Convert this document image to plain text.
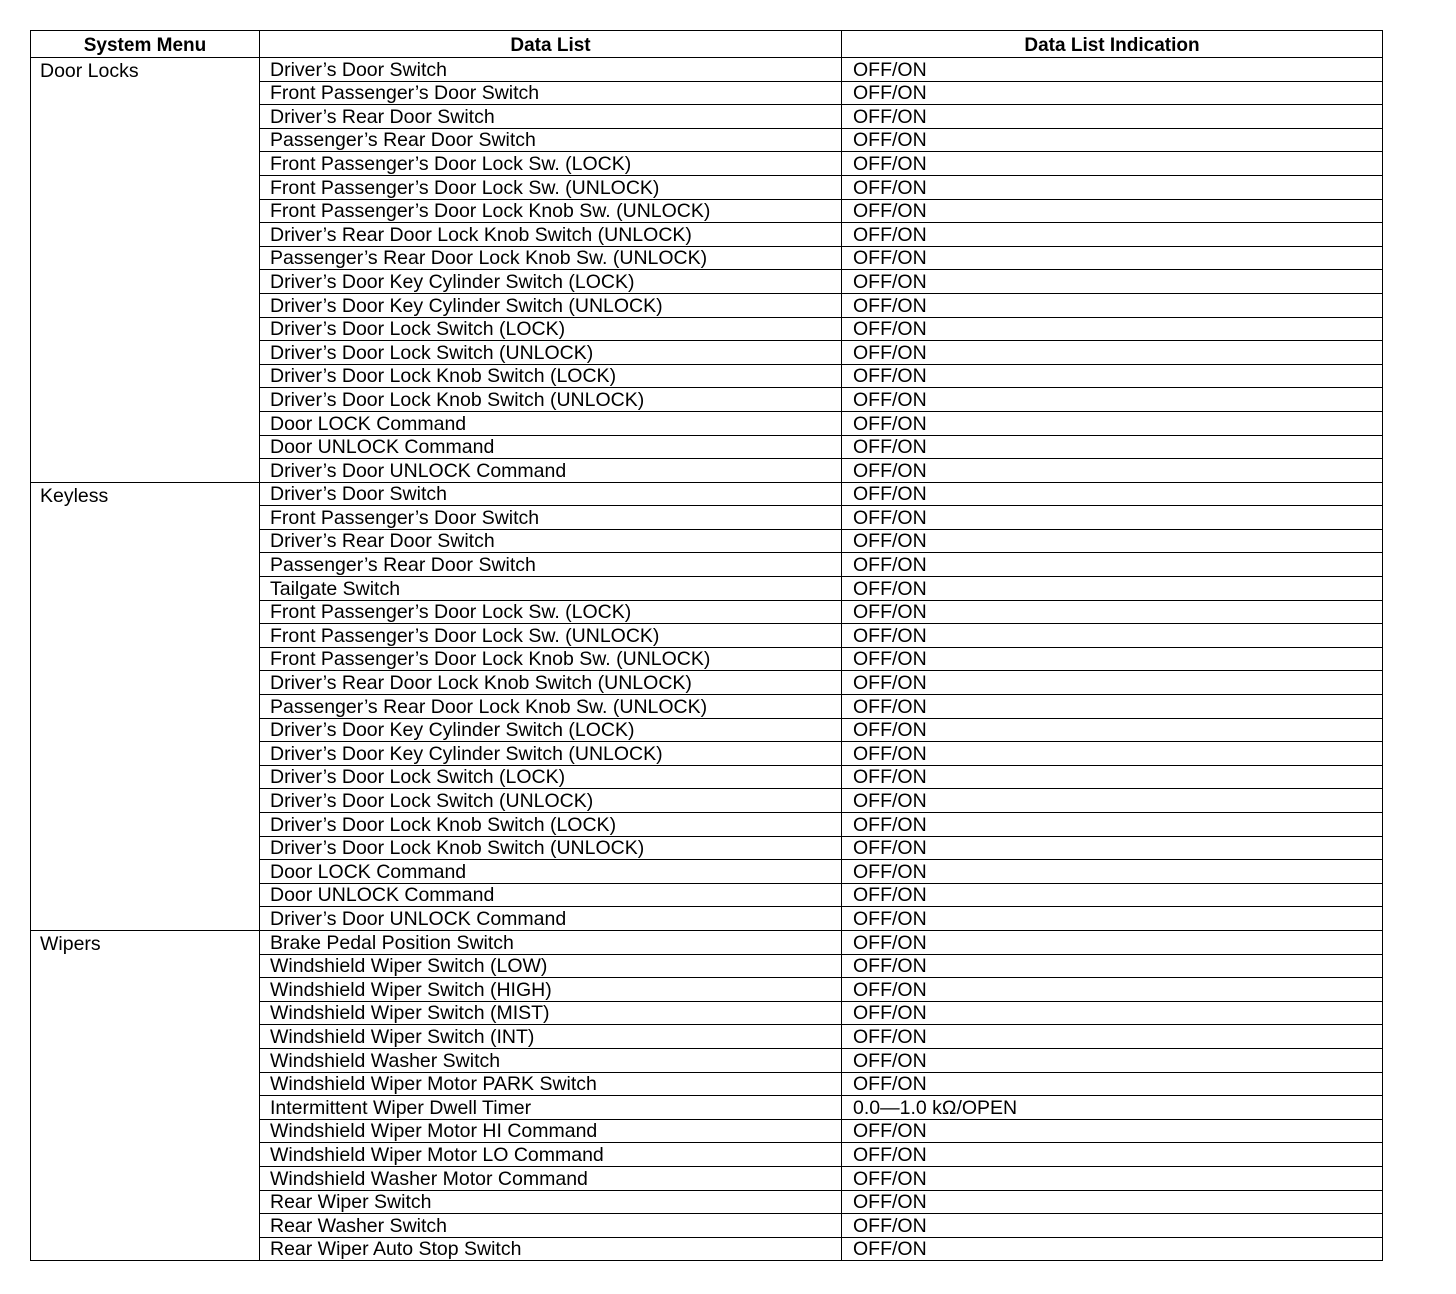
System Menu	Data List	Data List Indication
Door Locks	Driver’s Door Switch	OFF/ON
	Front Passenger’s Door Switch	OFF/ON
	Driver’s Rear Door Switch	OFF/ON
	Passenger’s Rear Door Switch	OFF/ON
	Front Passenger’s Door Lock Sw. (LOCK)	OFF/ON
	Front Passenger’s Door Lock Sw. (UNLOCK)	OFF/ON
	Front Passenger’s Door Lock Knob Sw. (UNLOCK)	OFF/ON
	Driver’s Rear Door Lock Knob Switch (UNLOCK)	OFF/ON
	Passenger’s Rear Door Lock Knob Sw. (UNLOCK)	OFF/ON
	Driver’s Door Key Cylinder Switch (LOCK)	OFF/ON
	Driver’s Door Key Cylinder Switch (UNLOCK)	OFF/ON
	Driver’s Door Lock Switch (LOCK)	OFF/ON
	Driver’s Door Lock Switch (UNLOCK)	OFF/ON
	Driver’s Door Lock Knob Switch (LOCK)	OFF/ON
	Driver’s Door Lock Knob Switch (UNLOCK)	OFF/ON
	Door LOCK Command	OFF/ON
	Door UNLOCK Command	OFF/ON
	Driver’s Door UNLOCK Command	OFF/ON
Keyless	Driver’s Door Switch	OFF/ON
	Front Passenger’s Door Switch	OFF/ON
	Driver’s Rear Door Switch	OFF/ON
	Passenger’s Rear Door Switch	OFF/ON
	Tailgate Switch	OFF/ON
	Front Passenger’s Door Lock Sw. (LOCK)	OFF/ON
	Front Passenger’s Door Lock Sw. (UNLOCK)	OFF/ON
	Front Passenger’s Door Lock Knob Sw. (UNLOCK)	OFF/ON
	Driver’s Rear Door Lock Knob Switch (UNLOCK)	OFF/ON
	Passenger’s Rear Door Lock Knob Sw. (UNLOCK)	OFF/ON
	Driver’s Door Key Cylinder Switch (LOCK)	OFF/ON
	Driver’s Door Key Cylinder Switch (UNLOCK)	OFF/ON
	Driver’s Door Lock Switch (LOCK)	OFF/ON
	Driver’s Door Lock Switch (UNLOCK)	OFF/ON
	Driver’s Door Lock Knob Switch (LOCK)	OFF/ON
	Driver’s Door Lock Knob Switch (UNLOCK)	OFF/ON
	Door LOCK Command	OFF/ON
	Door UNLOCK Command	OFF/ON
	Driver’s Door UNLOCK Command	OFF/ON
Wipers	Brake Pedal Position Switch	OFF/ON
	Windshield Wiper Switch (LOW)	OFF/ON
	Windshield Wiper Switch (HIGH)	OFF/ON
	Windshield Wiper Switch (MIST)	OFF/ON
	Windshield Wiper Switch (INT)	OFF/ON
	Windshield Washer Switch	OFF/ON
	Windshield Wiper Motor PARK Switch	OFF/ON
	Intermittent Wiper Dwell Timer	0.0—1.0 kΩ/OPEN
	Windshield Wiper Motor HI Command	OFF/ON
	Windshield Wiper Motor LO Command	OFF/ON
	Windshield Washer Motor Command	OFF/ON
	Rear Wiper Switch	OFF/ON
	Rear Washer Switch	OFF/ON
	Rear Wiper Auto Stop Switch	OFF/ON
